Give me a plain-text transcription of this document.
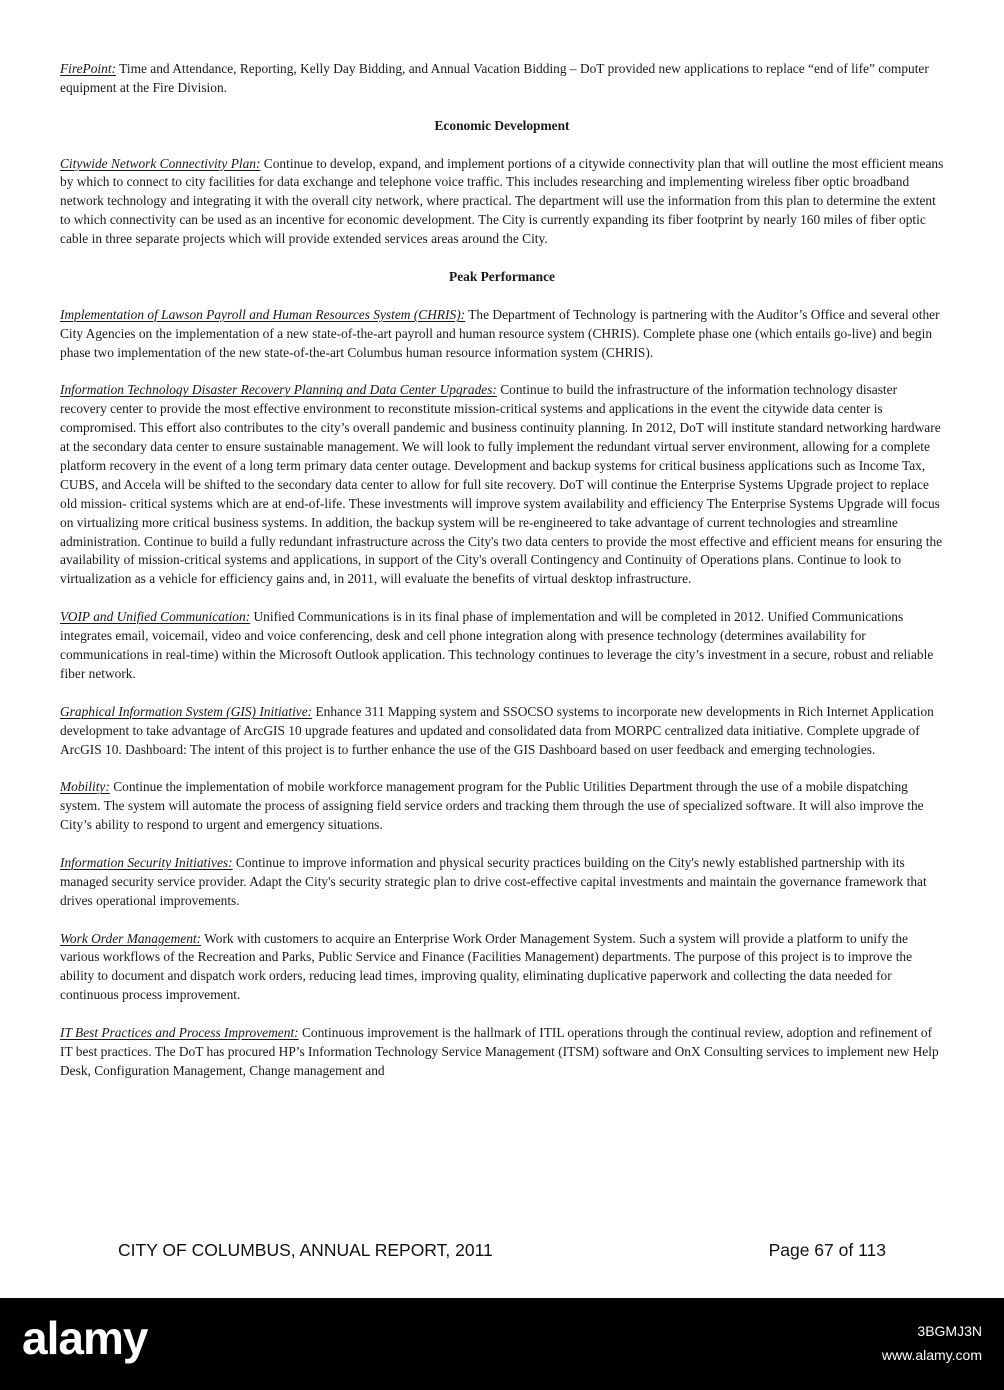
FirePoint: Time and Attendance, Reporting, Kelly Day Bidding, and Annual Vacation Bidding – DoT provided new applications to replace “end of life” computer equipment at the Fire Division.

Economic Development

Citywide Network Connectivity Plan: Continue to develop, expand, and implement portions of a citywide connectivity plan that will outline the most efficient means by which to connect to city facilities for data exchange and telephone voice traffic. This includes researching and implementing wireless fiber optic broadband network technology and integrating it with the overall city network, where practical. The department will use the information from this plan to determine the extent to which connectivity can be used as an incentive for economic development. The City is currently expanding its fiber footprint by nearly 160 miles of fiber optic cable in three separate projects which will provide extended services areas around the City.

Peak Performance

Implementation of Lawson Payroll and Human Resources System (CHRIS): The Department of Technology is partnering with the Auditor’s Office and several other City Agencies on the implementation of a new state-of-the-art payroll and human resource system (CHRIS). Complete phase one (which entails go-live) and begin phase two implementation of the new state-of-the-art Columbus human resource information system (CHRIS).

Information Technology Disaster Recovery Planning and Data Center Upgrades: Continue to build the infrastructure of the information technology disaster recovery center to provide the most effective environment to reconstitute mission-critical systems and applications in the event the citywide data center is compromised. This effort also contributes to the city’s overall pandemic and business continuity planning. In 2012, DoT will institute standard networking hardware at the secondary data center to ensure sustainable management. We will look to fully implement the redundant virtual server environment, allowing for a complete platform recovery in the event of a long term primary data center outage. Development and backup systems for critical business applications such as Income Tax, CUBS, and Accela will be shifted to the secondary data center to allow for full site recovery. DoT will continue the Enterprise Systems Upgrade project to replace old mission- critical systems which are at end-of-life. These investments will improve system availability and efficiency The Enterprise Systems Upgrade will focus on virtualizing more critical business systems. In addition, the backup system will be re-engineered to take advantage of current technologies and streamline administration. Continue to build a fully redundant infrastructure across the City's two data centers to provide the most effective and efficient means for ensuring the availability of mission-critical systems and applications, in support of the City's overall Contingency and Continuity of Operations plans. Continue to look to virtualization as a vehicle for efficiency gains and, in 2011, will evaluate the benefits of virtual desktop infrastructure.

VOIP and Unified Communication: Unified Communications is in its final phase of implementation and will be completed in 2012. Unified Communications integrates email, voicemail, video and voice conferencing, desk and cell phone integration along with presence technology (determines availability for communications in real-time) within the Microsoft Outlook application. This technology continues to leverage the city’s investment in a secure, robust and reliable fiber network.

Graphical Information System (GIS) Initiative: Enhance 311 Mapping system and SSOCSO systems to incorporate new developments in Rich Internet Application development to take advantage of ArcGIS 10 upgrade features and updated and consolidated data from MORPC centralized data initiative. Complete upgrade of ArcGIS 10. Dashboard: The intent of this project is to further enhance the use of the GIS Dashboard based on user feedback and emerging technologies.

Mobility: Continue the implementation of mobile workforce management program for the Public Utilities Department through the use of a mobile dispatching system. The system will automate the process of assigning field service orders and tracking them through the use of specialized software. It will also improve the City’s ability to respond to urgent and emergency situations.

Information Security Initiatives: Continue to improve information and physical security practices building on the City's newly established partnership with its managed security service provider. Adapt the City's security strategic plan to drive cost-effective capital investments and maintain the governance framework that drives operational improvements.

Work Order Management: Work with customers to acquire an Enterprise Work Order Management System. Such a system will provide a platform to unify the various workflows of the Recreation and Parks, Public Service and Finance (Facilities Management) departments. The purpose of this project is to improve the ability to document and dispatch work orders, reducing lead times, improving quality, eliminating duplicative paperwork and collecting the data needed for continuous process improvement.

IT Best Practices and Process Improvement: Continuous improvement is the hallmark of ITIL operations through the continual review, adoption and refinement of IT best practices. The DoT has procured HP’s Information Technology Service Management (ITSM) software and OnX Consulting services to implement new Help Desk, Configuration Management, Change management and

CITY OF COLUMBUS, ANNUAL REPORT, 2011	Page 67 of 113
alamy	3BGMJ3N
www.alamy.com
